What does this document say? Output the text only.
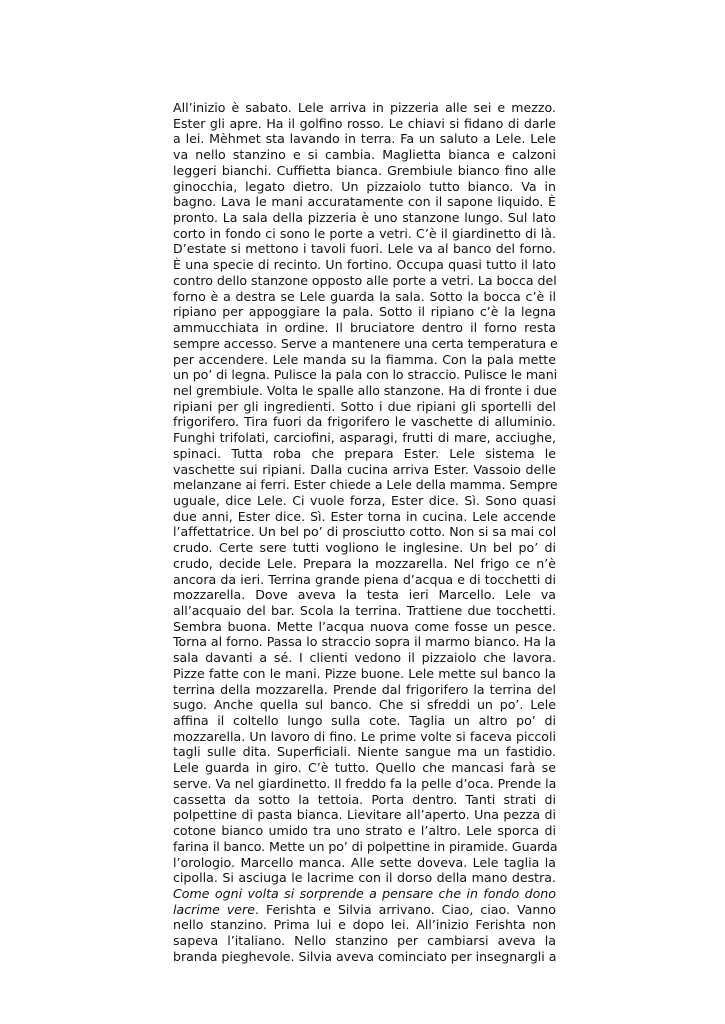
All’inizio è sabato. Lele arriva in pizzeria alle sei e mezzo.
Ester gli apre. Ha il golfino rosso. Le chiavi si fidano di darle
a lei. Mèhmet sta lavando in terra. Fa un saluto a Lele. Lele
va nello stanzino e si cambia. Maglietta bianca e calzoni
leggeri bianchi. Cuffietta bianca. Grembiule bianco fino alle
ginocchia, legato dietro. Un pizzaiolo tutto bianco. Va in
bagno. Lava le mani accuratamente con il sapone liquido. È
pronto. La sala della pizzeria è uno stanzone lungo. Sul lato
corto in fondo ci sono le porte a vetri. C’è il giardinetto di là.
D’estate si mettono i tavoli fuori. Lele va al banco del forno.
È una specie di recinto. Un fortino. Occupa quasi tutto il lato
contro dello stanzone opposto alle porte a vetri. La bocca del
forno è a destra se Lele guarda la sala. Sotto la bocca c’è il
ripiano per appoggiare la pala. Sotto il ripiano c’è la legna
ammucchiata in ordine. Il bruciatore dentro il forno resta
sempre accesso. Serve a mantenere una certa temperatura e
per accendere. Lele manda su la fiamma. Con la pala mette
un po’ di legna. Pulisce la pala con lo straccio. Pulisce le mani
nel grembiule. Volta le spalle allo stanzone. Ha di fronte i due
ripiani per gli ingredienti. Sotto i due ripiani gli sportelli del
frigorifero. Tira fuori da frigorifero le vaschette di alluminio.
Funghi trifolati, carciofini, asparagi, frutti di mare, acciughe,
spinaci. Tutta roba che prepara Ester. Lele sistema le
vaschette sui ripiani. Dalla cucina arriva Ester. Vassoio delle
melanzane ai ferri. Ester chiede a Lele della mamma. Sempre
uguale, dice Lele. Ci vuole forza, Ester dice. Sì. Sono quasi
due anni, Ester dice. Sì. Ester torna in cucina. Lele accende
l’affettatrice. Un bel po’ di prosciutto cotto. Non si sa mai col
crudo. Certe sere tutti vogliono le inglesine. Un bel po’ di
crudo, decide Lele. Prepara la mozzarella. Nel frigo ce n’è
ancora da ieri. Terrina grande piena d’acqua e di tocchetti di
mozzarella. Dove aveva la testa ieri Marcello. Lele va
all’acquaio del bar. Scola la terrina. Trattiene due tocchetti.
Sembra buona. Mette l’acqua nuova come fosse un pesce.
Torna al forno. Passa lo straccio sopra il marmo bianco. Ha la
sala davanti a sé. I clienti vedono il pizzaiolo che lavora.
Pizze fatte con le mani. Pizze buone. Lele mette sul banco la
terrina della mozzarella. Prende dal frigorifero la terrina del
sugo. Anche quella sul banco. Che si sfreddi un po’. Lele
affina il coltello lungo sulla cote. Taglia un altro po’ di
mozzarella. Un lavoro di fino. Le prime volte si faceva piccoli
tagli sulle dita. Superficiali. Niente sangue ma un fastidio.
Lele guarda in giro. C’è tutto. Quello che mancasi farà se
serve. Va nel giardinetto. Il freddo fa la pelle d’oca. Prende la
cassetta da sotto la tettoia. Porta dentro. Tanti strati di
polpettine di pasta bianca. Lievitare all’aperto. Una pezza di
cotone bianco umido tra uno strato e l’altro. Lele sporca di
farina il banco. Mette un po’ di polpettine in piramide. Guarda
l’orologio. Marcello manca. Alle sette doveva. Lele taglia la
cipolla. Si asciuga le lacrime con il dorso della mano destra.
Come ogni volta si sorprende a pensare che in fondo dono
lacrime vere. Ferishta e Silvia arrivano. Ciao, ciao. Vanno
nello stanzino. Prima lui e dopo lei. All’inizio Ferishta non
sapeva l’italiano. Nello stanzino per cambiarsi aveva la
branda pieghevole. Silvia aveva cominciato per insegnargli a
